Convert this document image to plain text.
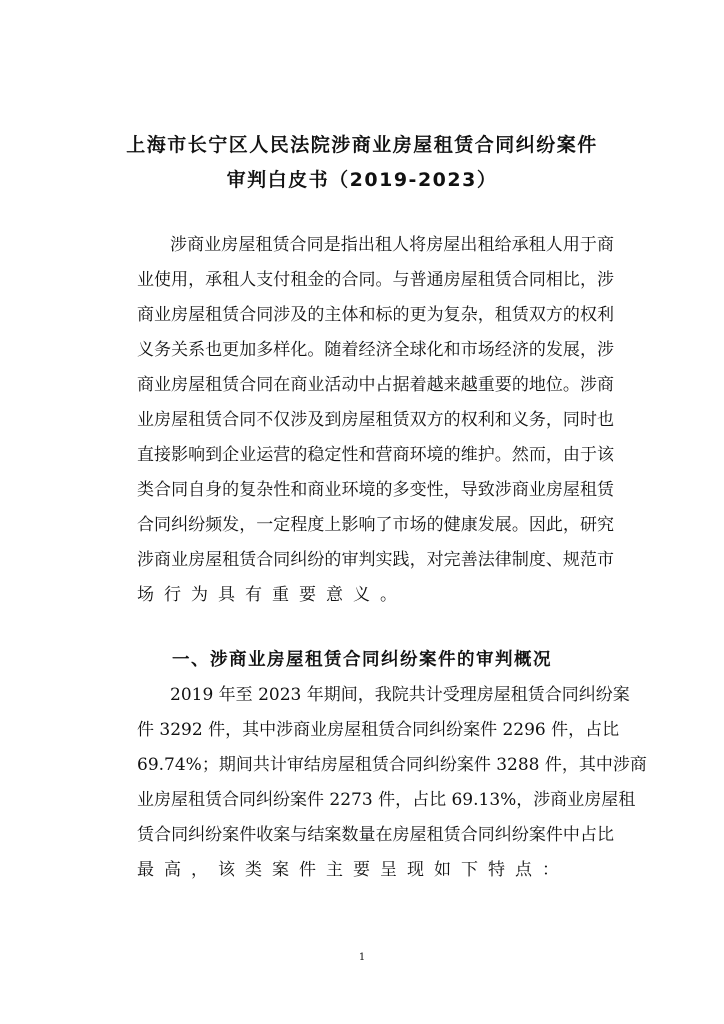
上海市长宁区人民法院涉商业房屋租赁合同纠纷案件
审判白皮书（2019-2023）
涉商业房屋租赁合同是指出租人将房屋出租给承租人用于商
业使用，承租人支付租金的合同。与普通房屋租赁合同相比，涉
商业房屋租赁合同涉及的主体和标的更为复杂，租赁双方的权利
义务关系也更加多样化。随着经济全球化和市场经济的发展，涉
商业房屋租赁合同在商业活动中占据着越来越重要的地位。涉商
业房屋租赁合同不仅涉及到房屋租赁双方的权利和义务，同时也
直接影响到企业运营的稳定性和营商环境的维护。然而，由于该
类合同自身的复杂性和商业环境的多变性，导致涉商业房屋租赁
合同纠纷频发，一定程度上影响了市场的健康发展。因此，研究
涉商业房屋租赁合同纠纷的审判实践，对完善法律制度、规范市
场行为具有重要意义。
一、涉商业房屋租赁合同纠纷案件的审判概况
2019 年至 2023 年期间，我院共计受理房屋租赁合同纠纷案
件 3292 件，其中涉商业房屋租赁合同纠纷案件 2296 件，占比
69.74%；期间共计审结房屋租赁合同纠纷案件 3288 件，其中涉商
业房屋租赁合同纠纷案件 2273 件，占比 69.13%，涉商业房屋租
赁合同纠纷案件收案与结案数量在房屋租赁合同纠纷案件中占比
最高，该类案件主要呈现如下特点：
1
